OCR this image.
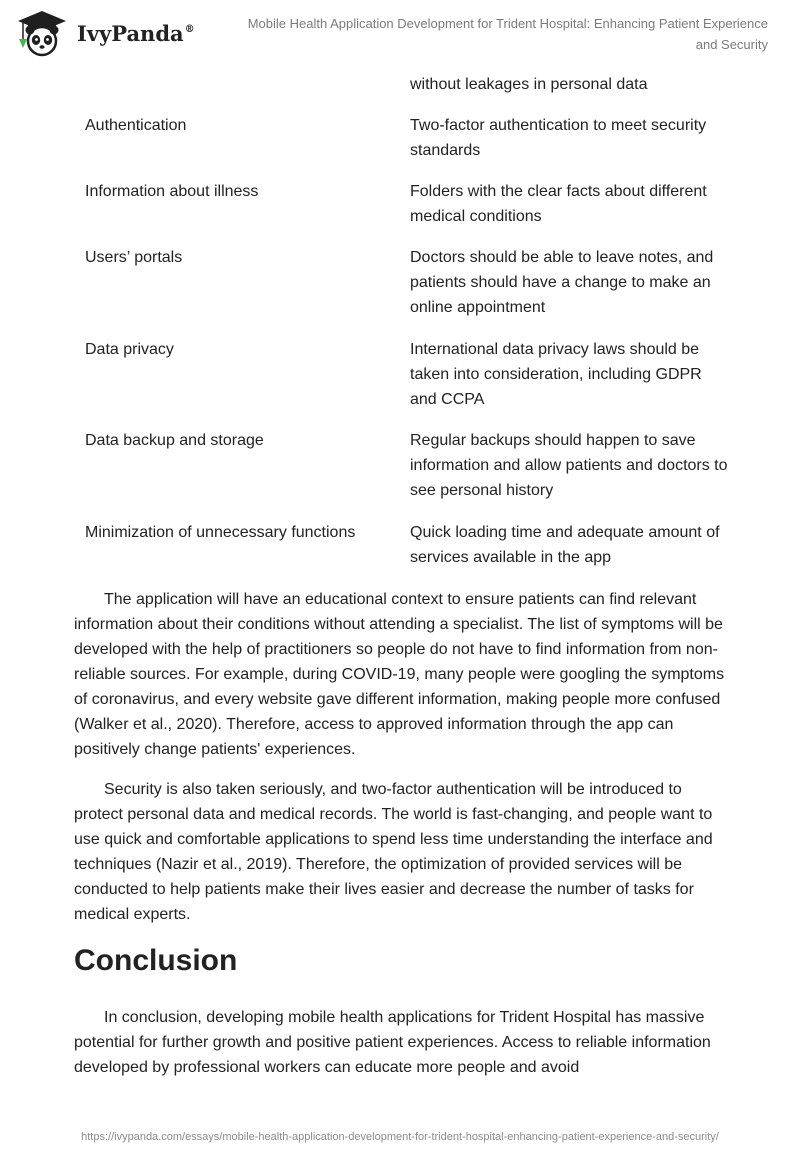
IvyPanda®	Mobile Health Application Development for Trident Hospital: Enhancing Patient Experience and Security
without leakages in personal data
Authentication	Two-factor authentication to meet security standards
Information about illness	Folders with the clear facts about different medical conditions
Users’ portals	Doctors should be able to leave notes, and patients should have a change to make an online appointment
Data privacy	International data privacy laws should be taken into consideration, including GDPR and CCPA
Data backup and storage	Regular backups should happen to save information and allow patients and doctors to see personal history
Minimization of unnecessary functions	Quick loading time and adequate amount of services available in the app

The application will have an educational context to ensure patients can find relevant information about their conditions without attending a specialist. The list of symptoms will be developed with the help of practitioners so people do not have to find information from non-reliable sources. For example, during COVID-19, many people were googling the symptoms of coronavirus, and every website gave different information, making people more confused (Walker et al., 2020). Therefore, access to approved information through the app can positively change patients' experiences.

Security is also taken seriously, and two-factor authentication will be introduced to protect personal data and medical records. The world is fast-changing, and people want to use quick and comfortable applications to spend less time understanding the interface and techniques (Nazir et al., 2019). Therefore, the optimization of provided services will be conducted to help patients make their lives easier and decrease the number of tasks for medical experts.

Conclusion

In conclusion, developing mobile health applications for Trident Hospital has massive potential for further growth and positive patient experiences. Access to reliable information developed by professional workers can educate more people and avoid

https://ivypanda.com/essays/mobile-health-application-development-for-trident-hospital-enhancing-patient-experience-and-security/
